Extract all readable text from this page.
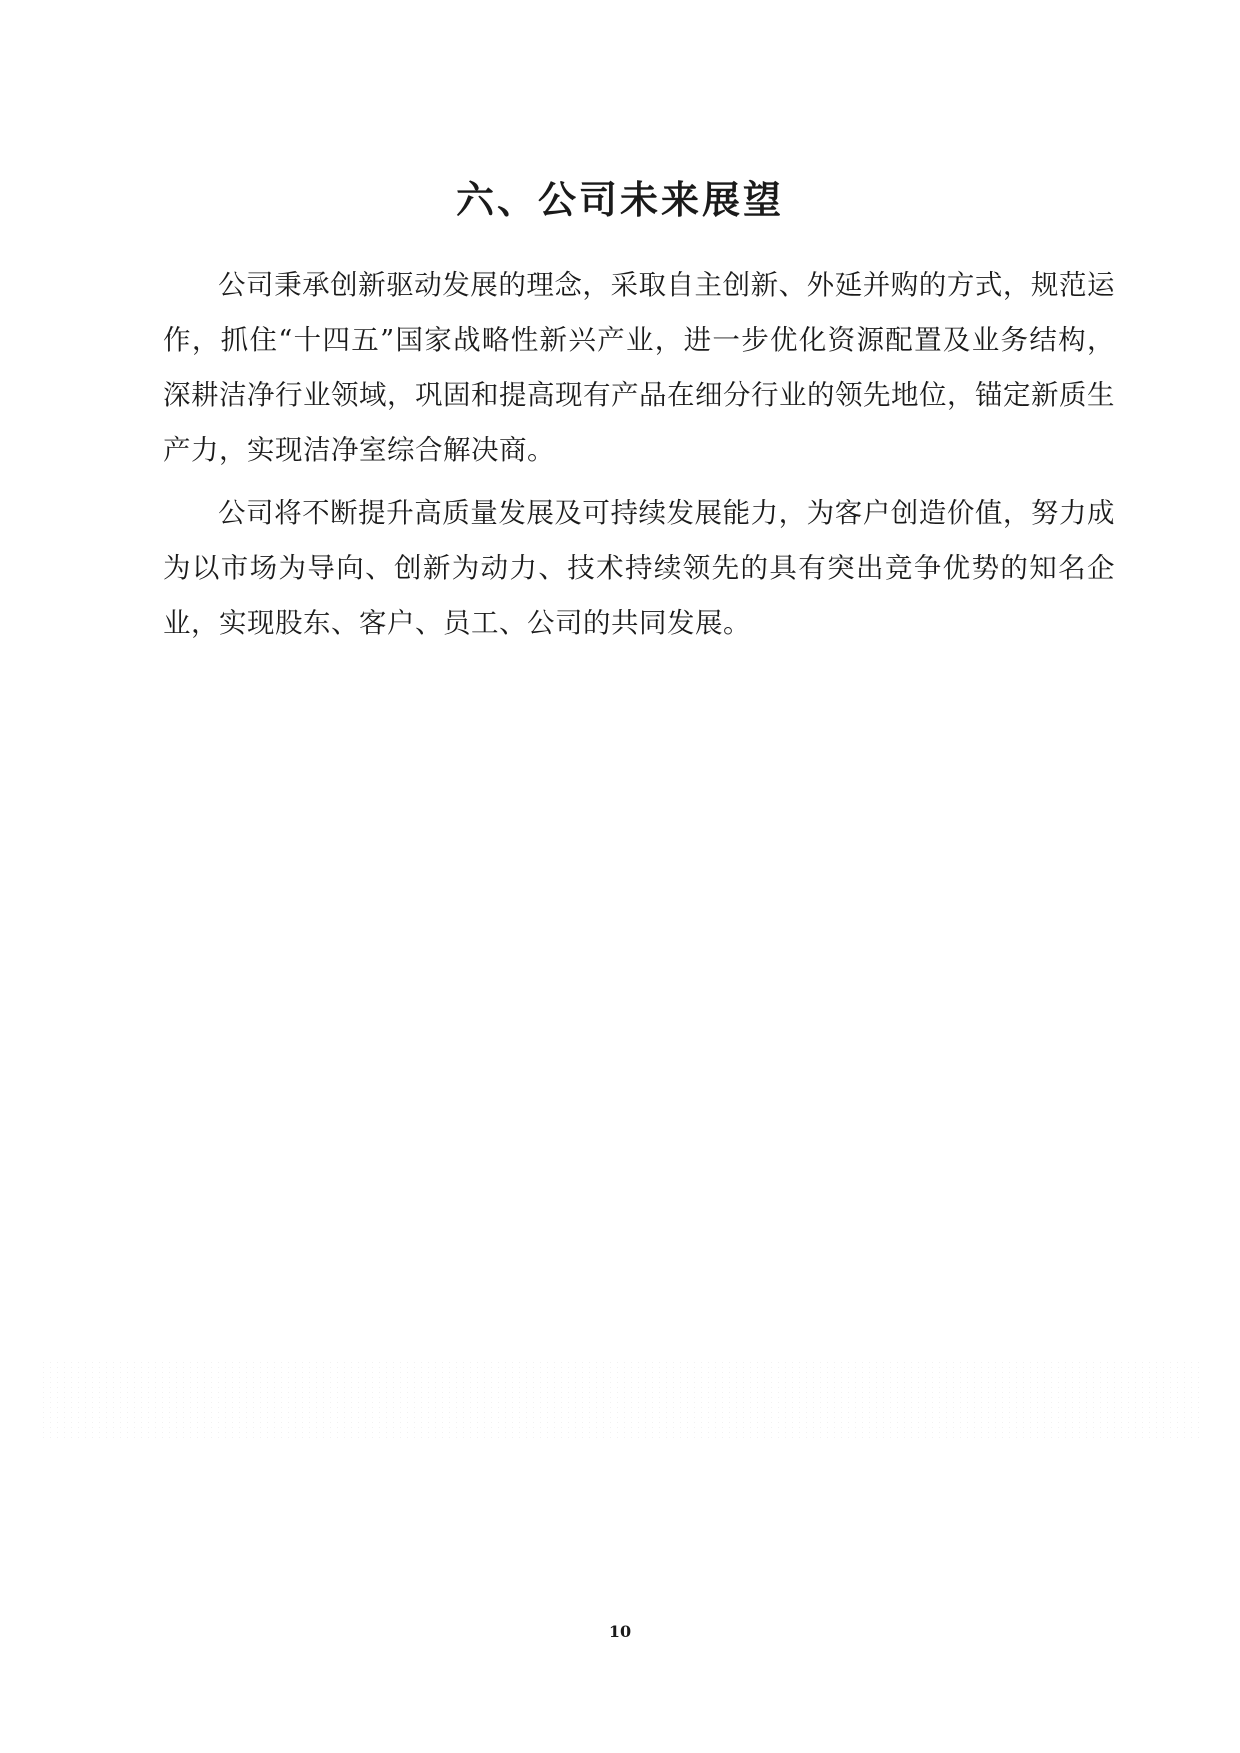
六、公司未来展望

公司秉承创新驱动发展的理念，采取自主创新、外延并购的方式，规范运作，抓住“十四五”国家战略性新兴产业，进一步优化资源配置及业务结构，深耕洁净行业领域，巩固和提高现有产品在细分行业的领先地位，锚定新质生产力，实现洁净室综合解决商。

公司将不断提升高质量发展及可持续发展能力，为客户创造价值，努力成为以市场为导向、创新为动力、技术持续领先的具有突出竞争优势的知名企业，实现股东、客户、员工、公司的共同发展。

10
